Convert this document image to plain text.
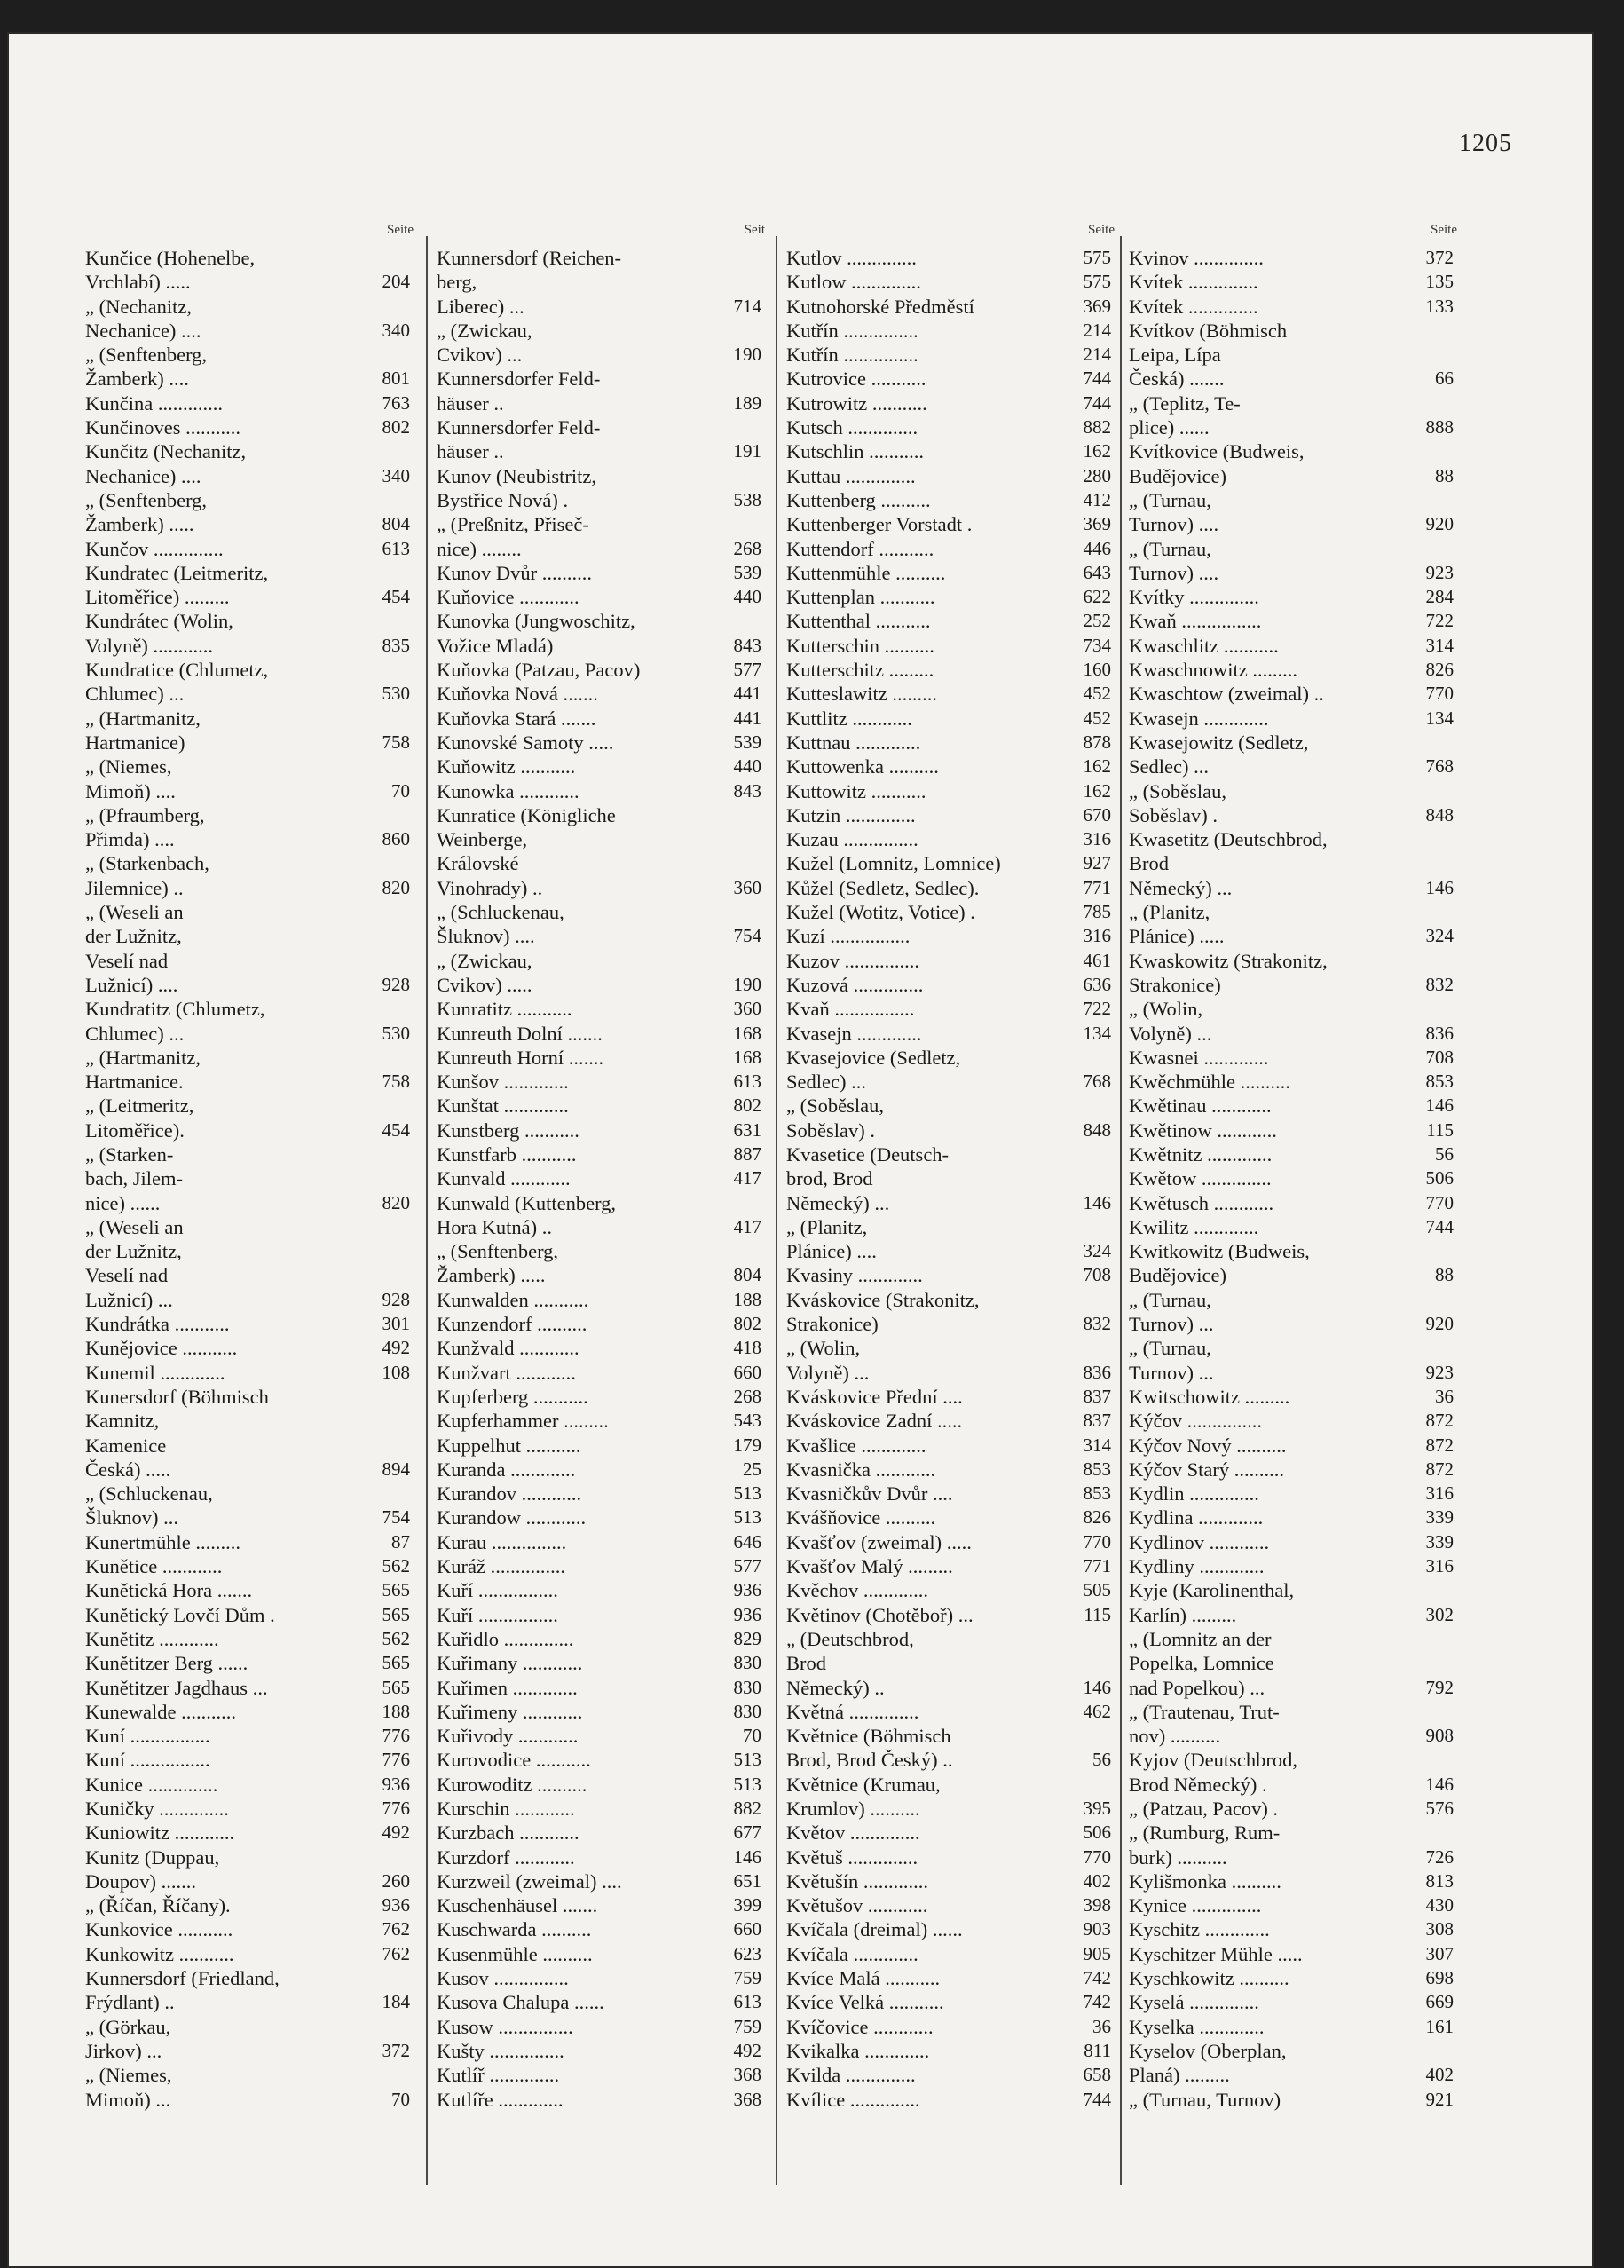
1205
Seite
Kunčice (Hohenelbe,
Vrchlabí) .....	204
„ (Nechanitz,
Nechanice) ....	340
„ (Senftenberg,
Žamberk) ....	801
Kunčina .............	763
Kunčinoves ...........	802
Kunčitz (Nechanitz,
Nechanice) ....	340
„ (Senftenberg,
Žamberk) .....	804
Kunčov ..............	613
Kundratec (Leitmeritz,
Litoměřice) .........	454
Kundrátec (Wolin,
Volyně) ............	835
Kundratice (Chlumetz,
Chlumec) ...	530
„ (Hartmanitz,
Hartmanice)	758
„ (Niemes,
Mimoň) ....	70
„ (Pfraumberg,
Přimda) ....	860
„ (Starkenbach,
Jilemnice) ..	820
„ (Weseli an
der Lužnitz,
Veselí nad
Lužnicí) ....	928
Kundratitz (Chlumetz,
Chlumec) ...	530
„ (Hartmanitz,
Hartmanice.	758
„ (Leitmeritz,
Litoměřice).	454
„ (Starken-
bach, Jilem-
nice) ......	820
„ (Weseli an
der Lužnitz,
Veselí nad
Lužnicí) ...	928
Kundrátka ...........	301
Kunějovice ...........	492
Kunemil .............	108
Kunersdorf (Böhmisch
Kamnitz,
Kamenice
Česká) .....	894
„ (Schluckenau,
Šluknov) ...	754
Kunertmühle .........	87
Kunětice ............	562
Kunětická Hora .......	565
Kunětický Lovčí Dům .	565
Kunětitz ............	562
Kunětitzer Berg ......	565
Kunětitzer Jagdhaus ...	565
Kunewalde ...........	188
Kuní ................	776
Kuní ................	776
Kunice ..............	936
Kuničky ..............	776
Kuniowitz ............	492
Kunitz (Duppau,
Doupov) .......	260
„ (Říčan, Říčany).	936
Kunkovice ...........	762
Kunkowitz ...........	762
Kunnersdorf (Friedland,
Frýdlant) ..	184
„ (Görkau,
Jirkov) ...	372
„ (Niemes,
Mimoň) ...	70
Seit
Kunnersdorf (Reichen-
berg,
Liberec) ...	714
„ (Zwickau,
Cvikov) ...	190
Kunnersdorfer Feld-
häuser ..	189
Kunnersdorfer Feld-
häuser ..	191
Kunov (Neubistritz,
Bystřice Nová) .	538
„ (Preßnitz, Přiseč-
nice) ........	268
Kunov Dvůr ..........	539
Kuňovice ............	440
Kunovka (Jungwoschitz,
Vožice Mladá)	843
Kuňovka (Patzau, Pacov)	577
Kuňovka Nová .......	441
Kuňovka Stará .......	441
Kunovské Samoty .....	539
Kuňowitz ...........	440
Kunowka ............	843
Kunratice (Königliche
Weinberge,
Královské
Vinohrady) ..	360
„ (Schluckenau,
Šluknov) ....	754
„ (Zwickau,
Cvikov) .....	190
Kunratitz ...........	360
Kunreuth Dolní .......	168
Kunreuth Horní .......	168
Kunšov .............	613
Kunštat .............	802
Kunstberg ...........	631
Kunstfarb ...........	887
Kunvald ............	417
Kunwald (Kuttenberg,
Hora Kutná) ..	417
„ (Senftenberg,
Žamberk) .....	804
Kunwalden ...........	188
Kunzendorf ..........	802
Kunžvald ............	418
Kunžvart ............	660
Kupferberg ...........	268
Kupferhammer .........	543
Kuppelhut ...........	179
Kuranda .............	25
Kurandov ............	513
Kurandow ............	513
Kurau ...............	646
Kuráž ...............	577
Kuří ................	936
Kuří ................	936
Kuřidlo ..............	829
Kuřimany ............	830
Kuřimen .............	830
Kuřimeny ............	830
Kuřivody ............	70
Kurovodice ...........	513
Kurowoditz ..........	513
Kurschin ............	882
Kurzbach ............	677
Kurzdorf ............	146
Kurzweil (zweimal) ....	651
Kuschenhäusel .......	399
Kuschwarda ..........	660
Kusenmühle ..........	623
Kusov ...............	759
Kusova Chalupa ......	613
Kusow ...............	759
Kušty ...............	492
Kutlíř ..............	368
Kutlíře .............	368
Seite
Kutlov ..............	575
Kutlow ..............	575
Kutnohorské Předměstí	369
Kutřín ...............	214
Kutřín ...............	214
Kutrovice ...........	744
Kutrowitz ...........	744
Kutsch ..............	882
Kutschlin ...........	162
Kuttau ..............	280
Kuttenberg ..........	412
Kuttenberger Vorstadt .	369
Kuttendorf ...........	446
Kuttenmühle ..........	643
Kuttenplan ...........	622
Kuttenthal ...........	252
Kutterschin ..........	734
Kutterschitz .........	160
Kutteslawitz .........	452
Kuttlitz ............	452
Kuttnau .............	878
Kuttowenka ..........	162
Kuttowitz ...........	162
Kutzin ..............	670
Kuzau ...............	316
Kužel (Lomnitz, Lomnice)	927
Kůžel (Sedletz, Sedlec).	771
Kužel (Wotitz, Votice) .	785
Kuzí ................	316
Kuzov ...............	461
Kuzová ..............	636
Kvaň ................	722
Kvasejn .............	134
Kvasejovice (Sedletz,
Sedlec) ...	768
„ (Soběslau,
Soběslav) .	848
Kvasetice (Deutsch-
brod, Brod
Německý) ...	146
„ (Planitz,
Plánice) ....	324
Kvasiny .............	708
Kváskovice (Strakonitz,
Strakonice)	832
„ (Wolin,
Volyně) ...	836
Kváskovice Přední ....	837
Kváskovice Zadní .....	837
Kvašlice .............	314
Kvasnička ............	853
Kvasničkův Dvůr ....	853
Kvášňovice ..........	826
Kvašťov (zweimal) .....	770
Kvašťov Malý .........	771
Kvěchov .............	505
Květinov (Chotěboř) ...	115
„ (Deutschbrod,
Brod
Německý) ..	146
Květná ..............	462
Květnice (Böhmisch
Brod, Brod Český) ..	56
Květnice (Krumau,
Krumlov) ..........	395
Květov ..............	506
Květuš ..............	770
Květušín .............	402
Květušov ............	398
Kvíčala (dreimal) ......	903
Kvíčala .............	905
Kvíce Malá ...........	742
Kvíce Velká ...........	742
Kvíčovice ............	36
Kvikalka .............	811
Kvilda ..............	658
Kvílice ..............	744
Seite
Kvinov ..............	372
Kvítek ..............	135
Kvítek ..............	133
Kvítkov (Böhmisch
Leipa, Lípa
Česká) .......	66
„ (Teplitz, Te-
plice) ......	888
Kvítkovice (Budweis,
Budějovice)	88
„ (Turnau,
Turnov) ....	920
„ (Turnau,
Turnov) ....	923
Kvítky ..............	284
Kwaň ................	722
Kwaschlitz ...........	314
Kwaschnowitz .........	826
Kwaschtow (zweimal) ..	770
Kwasejn .............	134
Kwasejowitz (Sedletz,
Sedlec) ...	768
„ (Soběslau,
Soběslav) .	848
Kwasetitz (Deutschbrod,
Brod
Německý) ...	146
„ (Planitz,
Plánice) .....	324
Kwaskowitz (Strakonitz,
Strakonice)	832
„ (Wolin,
Volyně) ...	836
Kwasnei .............	708
Kwěchmühle ..........	853
Kwětinau ............	146
Kwětinow ............	115
Kwětnitz .............	56
Kwětow ..............	506
Kwětusch ............	770
Kwilitz .............	744
Kwitkowitz (Budweis,
Budějovice)	88
„ (Turnau,
Turnov) ...	920
„ (Turnau,
Turnov) ...	923
Kwitschowitz .........	36
Kýčov ...............	872
Kýčov Nový ..........	872
Kýčov Starý ..........	872
Kydlin ..............	316
Kydlina .............	339
Kydlinov ............	339
Kydliny .............	316
Kyje (Karolinenthal,
Karlín) .........	302
„ (Lomnitz an der
Popelka, Lomnice
nad Popelkou) ...	792
„ (Trautenau, Trut-
nov) ..........	908
Kyjov (Deutschbrod,
Brod Německý) .	146
„ (Patzau, Pacov) .	576
„ (Rumburg, Rum-
burk) ..........	726
Kylišmonka ..........	813
Kynice ..............	430
Kyschitz .............	308
Kyschitzer Mühle .....	307
Kyschkowitz ..........	698
Kyselá ..............	669
Kyselka .............	161
Kyselov (Oberplan,
Planá) .........	402
„ (Turnau, Turnov)	921
